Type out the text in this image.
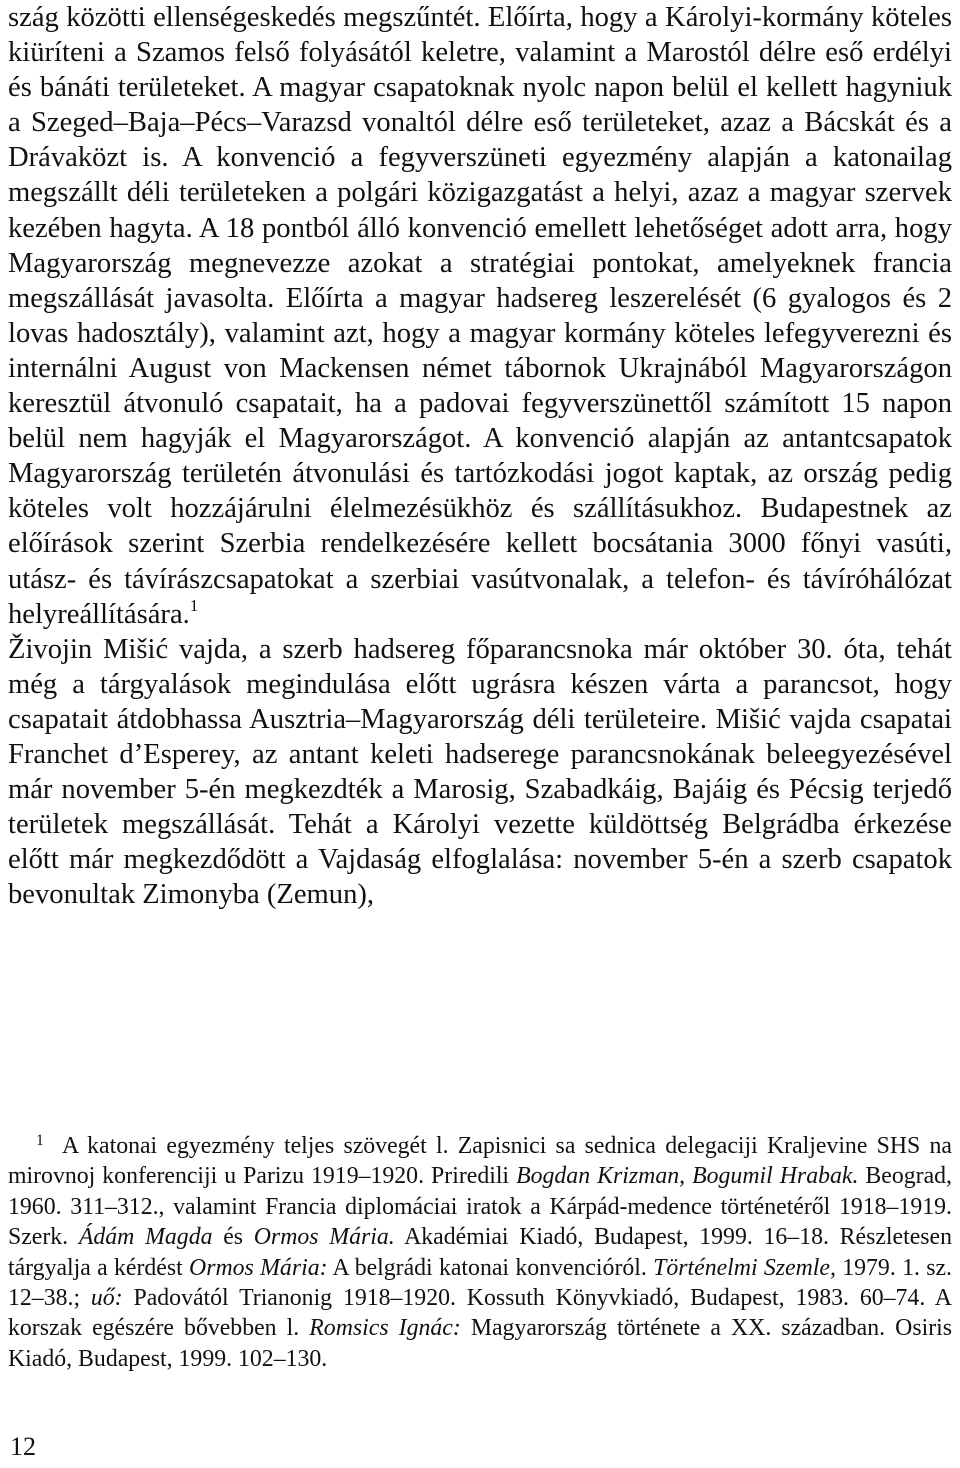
szág közötti ellenségeskedés megszűntét. Előírta, hogy a Károlyi-kormány köteles kiüríteni a Szamos felső folyásától keletre, valamint a Marostól délre eső erdélyi és bánáti területeket. A magyar csapatoknak nyolc napon belül el kellett hagyniuk a Szeged–Baja–Pécs–Varazsd vonaltól délre eső területeket, azaz a Bácskát és a Drávaközt is. A konvenció a fegyverszüneti egyezmény alapján a katonailag megszállt déli területeken a polgári közigazgatást a helyi, azaz a magyar szervek kezében hagyta. A 18 pontból álló konvenció emellett lehetőséget adott arra, hogy Magyarország megnevezze azokat a stratégiai pontokat, amelyeknek francia megszállását javasolta. Előírta a magyar hadsereg leszerelését (6 gyalogos és 2 lovas hadosztály), valamint azt, hogy a magyar kormány köteles lefegyverezni és internálni August von Mackensen német tábornok Ukrajnából Magyarországon keresztül átvonuló csapatait, ha a padovai fegyverszünettől számított 15 napon belül nem hagyják el Magyarországot. A konvenció alapján az antantcsapatok Magyarország területén átvonulási és tartózkodási jogot kaptak, az ország pedig köteles volt hozzájárulni élelmezésükhöz és szállításukhoz. Budapestnek az előírások szerint Szerbia rendelkezésére kellett bocsátania 3000 főnyi vasúti, utász- és távírászcsapatokat a szerbiai vasútvonalak, a telefon- és távíróhálózat helyreállítására.$^1$

Živojin Mišić vajda, a szerb hadsereg főparancsnoka már október 30. óta, tehát még a tárgyalások megindulása előtt ugrásra készen várta a parancsot, hogy csapatait átdobhassa Ausztria–Magyarország déli területeire. Mišić vajda csapatai Franchet d’Esperey, az antant keleti hadserege parancsnokának beleegyezésével már november 5-én megkezdték a Marosig, Szabadkáig, Bajáig és Pécsig terjedő területek megszállását. Tehát a Károlyi vezette küldöttség Belgrádba érkezése előtt már megkezdődött a Vajdaság elfoglalása: november 5-én a szerb csapatok bevonultak Zimonyba (Zemun),

1 A katonai egyezmény teljes szövegét l. Zapisnici sa sednica delegaciji Kraljevine SHS na mirovnoj konferenciji u Parizu 1919–1920. Priredili Bogdan Krizman, Bogumil Hrabak. Beograd, 1960. 311–312., valamint Francia diplomáciai iratok a Kárpád-medence történetéről 1918–1919. Szerk. Ádám Magda és Ormos Mária. Akadémiai Kiadó, Budapest, 1999. 16–18. Részletesen tárgyalja a kérdést Ormos Mária: A belgrádi katonai konvencióról. Történelmi Szemle, 1979. 1. sz. 12–38.; uő: Padovától Trianonig 1918–1920. Kossuth Könyvkiadó, Budapest, 1983. 60–74. A korszak egészére bővebben l. Romsics Ignác: Magyarország története a XX. században. Osiris Kiadó, Budapest, 1999. 102–130.

12
